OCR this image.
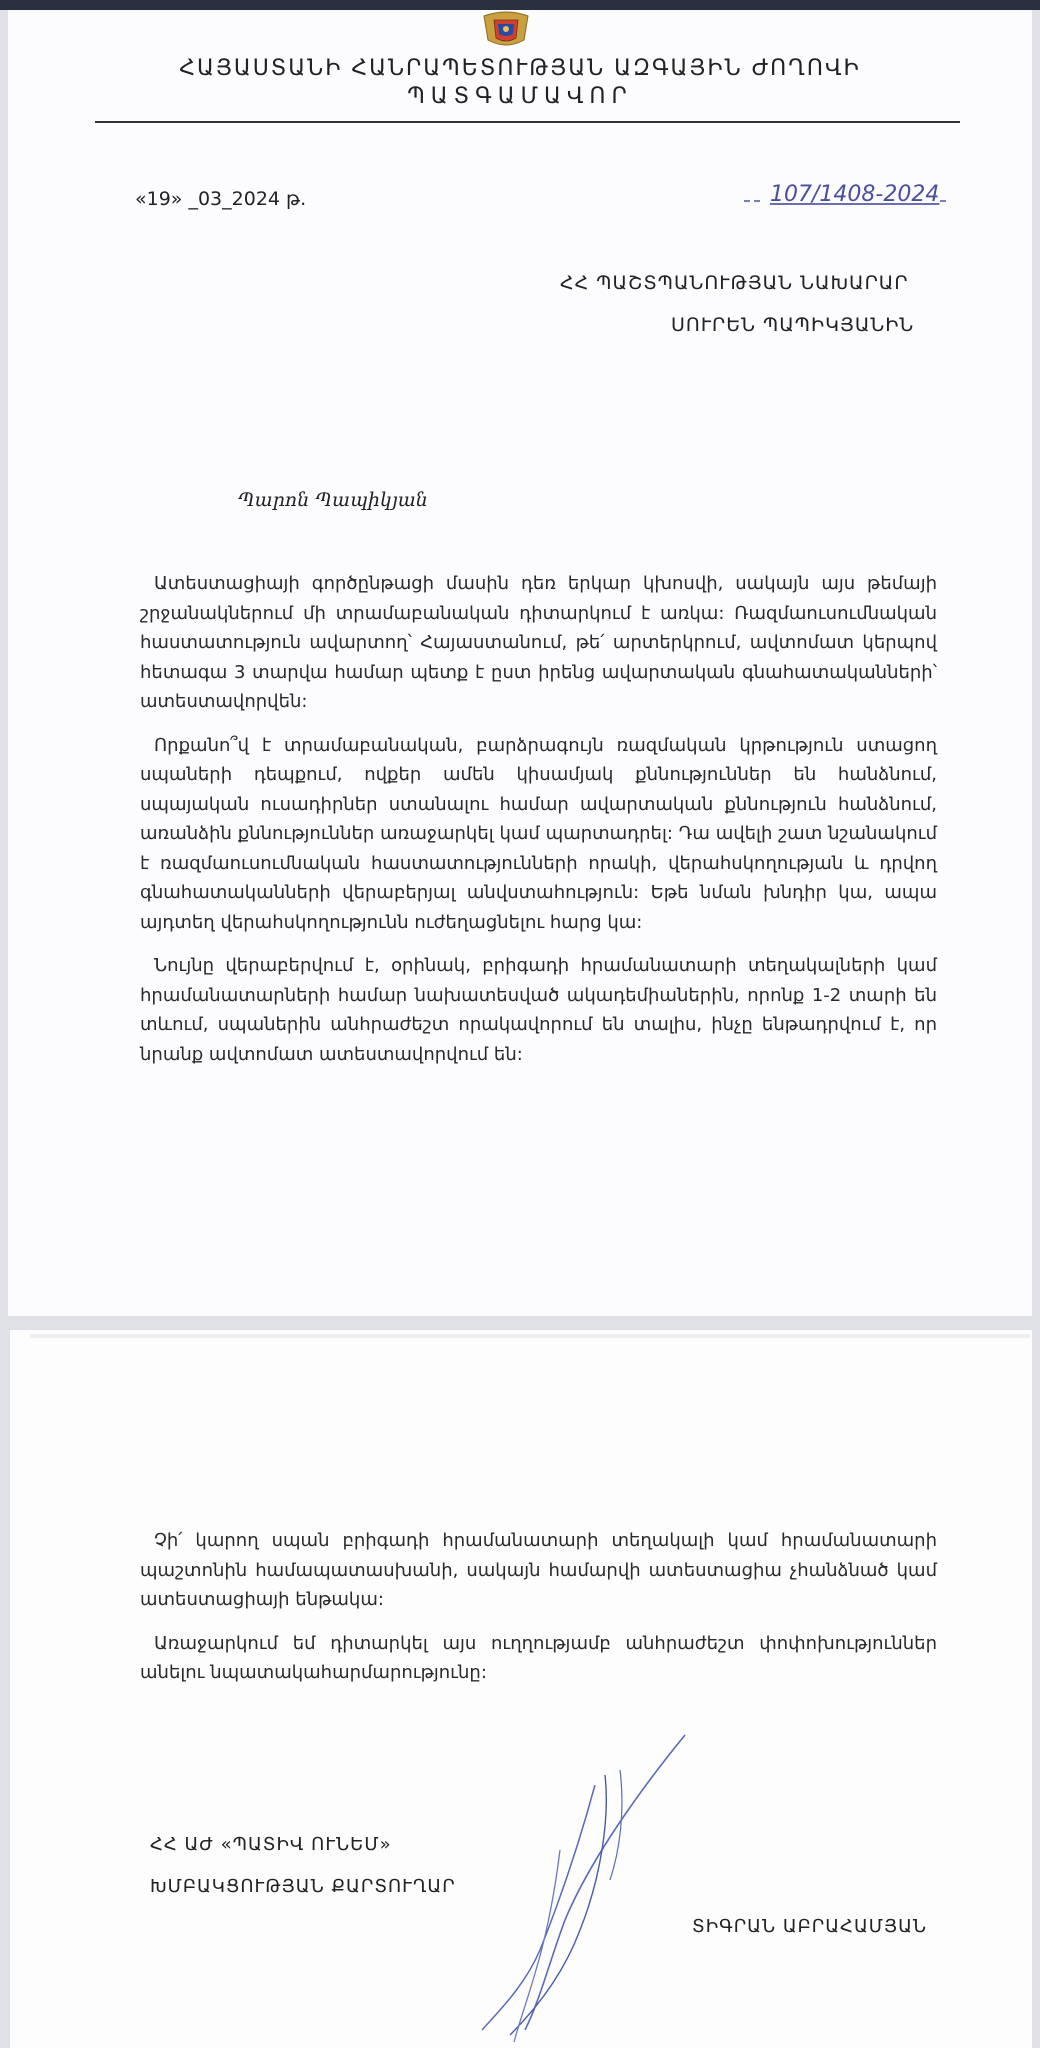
ՀԱՅԱՍՏԱՆԻ ՀԱՆՐԱՊԵՏՈՒԹՅԱՆ ԱԶԳԱՅԻՆ ԺՈՂՈՎԻ
ՊԱՏԳԱՄԱՎՈՐ
«19» _03_2024 թ.	107/1408-2024
ՀՀ ՊԱՇՏՊԱՆՈՒԹՅԱՆ ՆԱԽԱՐԱՐ
ՍՈՒՐԵՆ ՊԱՊԻԿՅԱՆԻՆ
Պարոն Պապիկյան

Ատեստացիայի գործընթացի մասին դեռ երկար կխոսվի, սակայն այս թեմայի շրջանակներում մի տրամաբանական դիտարկում է առկա: Ռազմաուսումնական հաստատություն ավարտող՝ Հայաստանում, թե՛ արտերկրում, ավտոմատ կերպով հետագա 3 տարվա համար պետք է ըստ իրենց ավարտական գնահատականների՝ ատեստավորվեն:

Որքանո՞վ է տրամաբանական, բարձրագույն ռազմական կրթություն ստացող սպաների դեպքում, ովքեր ամեն կիսամյակ քննություններ են հանձնում, սպայական ուսադիրներ ստանալու համար ավարտական քննություն հանձնում, առանձին քննություններ առաջարկել կամ պարտադրել: Դա ավելի շատ նշանակում է ռազմաուսումնական հաստատությունների որակի, վերահսկողության և դրվող գնահատականների վերաբերյալ անվստահություն: Եթե նման խնդիր կա, ապա այդտեղ վերահսկողությունն ուժեղացնելու հարց կա:

Նույնը վերաբերվում է, օրինակ, բրիգադի հրամանատարի տեղակալների կամ հրամանատարների համար նախատեսված ակադեմիաներին, որոնք 1-2 տարի են տևում, սպաներին անհրաժեշտ որակավորում են տալիս, ինչը ենթադրվում է, որ նրանք ավտոմատ ատեստավորվում են:

Չի՛ կարող սպան բրիգադի հրամանատարի տեղակալի կամ հրամանատարի պաշտոնին համապատասխանի, սակայն համարվի ատեստացիա չհանձնած կամ ատեստացիայի ենթակա:

Առաջարկում եմ դիտարկել այս ուղղությամբ անհրաժեշտ փոփոխություններ անելու նպատակահարմարությունը:

ՀՀ ԱԺ «ՊԱՏԻՎ ՈՒՆԵՄ»
ԽՄԲԱԿՑՈՒԹՅԱՆ ՔԱՐՏՈՒՂԱՐ
ՏԻԳՐԱՆ ԱԲՐԱՀԱՄՅԱՆ
